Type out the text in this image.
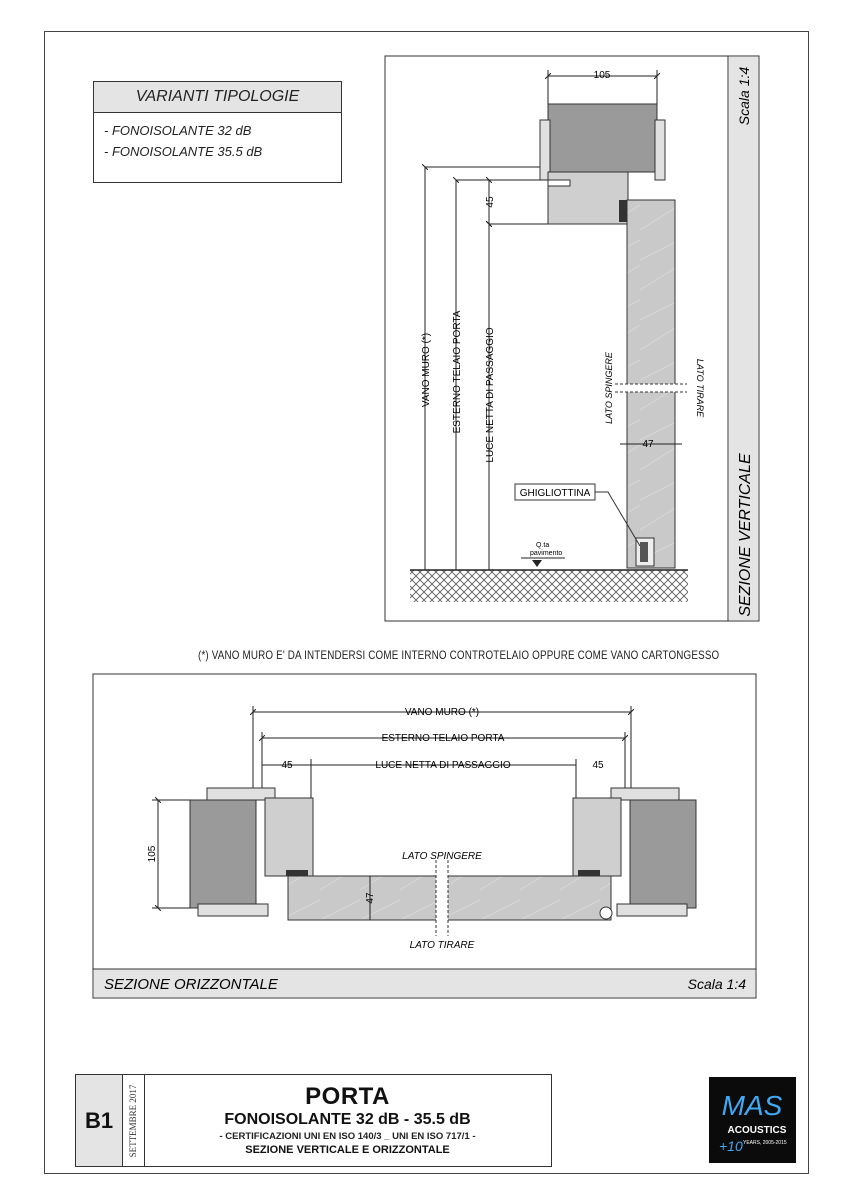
VARIANTI TIPOLOGIE
- FONOISOLANTE 32 dB
- FONOISOLANTE 35.5 dB
105
45
47
VANO MURO (*) ESTERNO TELAIO PORTA LUCE NETTA DI PASSAGGIO	LATO SPINGERE	LATO TIRARE
GHIGLIOTTINA
Q.ta
pavimento
Scala 1:4
SEZIONE VERTICALE
VANO MURO (*)
ESTERNO TELAIO PORTA
LUCE NETTA DI PASSAGGIO
45	45
105
47
LATO SPINGERE
LATO TIRARE
SEZIONE ORIZZONTALE	Scala 1:4
(*) VANO MURO E' DA INTENDERSI COME INTERNO CONTROTELAIO OPPURE COME VANO CARTONGESSO
B1	SETTEMBRE 2017	PORTA
FONOISOLANTE 32 dB - 35.5 dB
- CERTIFICAZIONI UNI EN ISO 140/3 _ UNI EN ISO 717/1 -
SEZIONE VERTICALE E ORIZZONTALE
MAS
ACOUSTICS
+10 YEARS, 2005-2015
